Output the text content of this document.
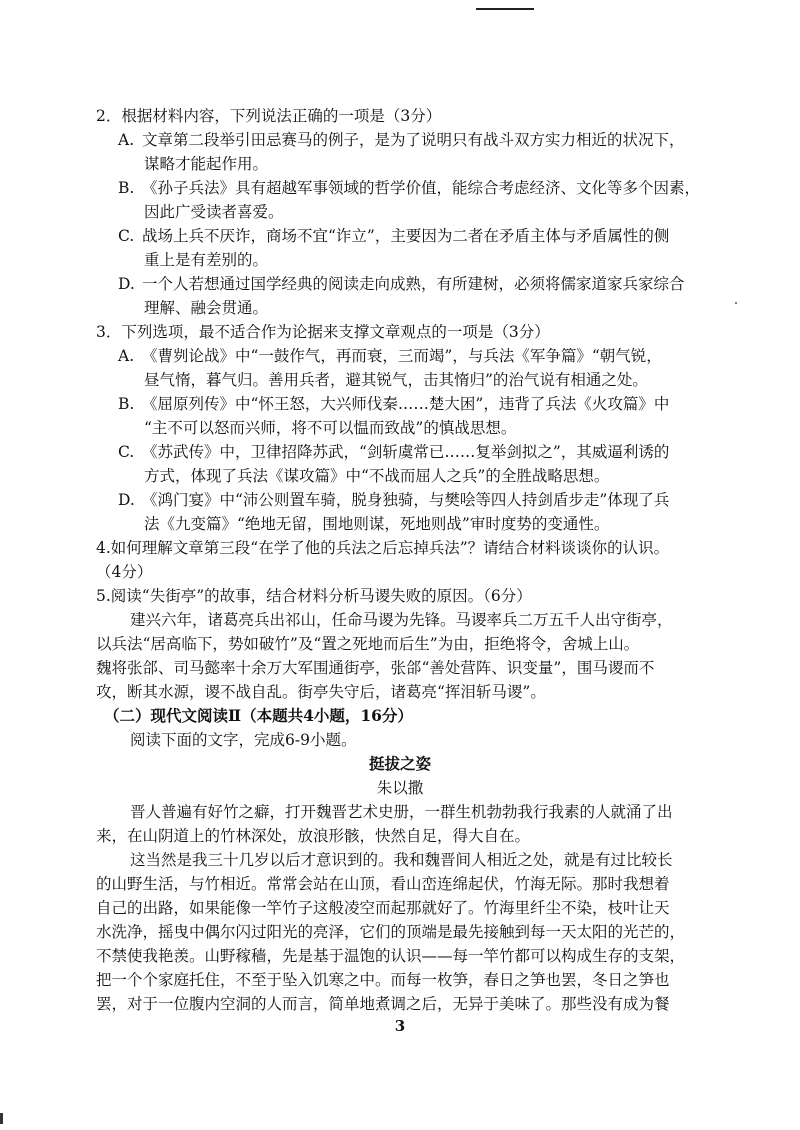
2．根据材料内容，下列说法正确的一项是（3分）

A. 文章第二段举引田忌赛马的例子，是为了说明只有战斗双方实力相近的状况下，

谋略才能起作用。

B. 《孙子兵法》具有超越军事领域的哲学价值，能综合考虑经济、文化等多个因素，

因此广受读者喜爱。

C. 战场上兵不厌诈，商场不宜“诈立”，主要因为二者在矛盾主体与矛盾属性的侧

重上是有差别的。

D. 一个人若想通过国学经典的阅读走向成熟，有所建树，必须将儒家道家兵家综合

理解、融会贯通。

3．下列选项，最不适合作为论据来支撑文章观点的一项是（3分）

A. 《曹刿论战》中“一鼓作气，再而衰，三而竭”，与兵法《军争篇》“朝气锐，

昼气惰，暮气归。善用兵者，避其锐气，击其惰归”的治气说有相通之处。

B. 《屈原列传》中“怀王怒，大兴师伐秦……楚大困”，违背了兵法《火攻篇》中

“主不可以怒而兴师，将不可以愠而致战”的慎战思想。

C. 《苏武传》中，卫律招降苏武，“剑斩虞常已……复举剑拟之”，其威逼利诱的

方式，体现了兵法《谋攻篇》中“不战而屈人之兵”的全胜战略思想。

D. 《鸿门宴》中“沛公则置车骑，脱身独骑，与樊哙等四人持剑盾步走”体现了兵

法《九变篇》“绝地无留，围地则谋，死地则战”审时度势的变通性。

4.如何理解文章第三段“在学了他的兵法之后忘掉兵法”？请结合材料谈谈你的认识。

（4分）

5.阅读“失街亭”的故事，结合材料分析马谡失败的原因。（6分）

建兴六年，诸葛亮兵出祁山，任命马谡为先锋。马谡率兵二万五千人出守街亭，

以兵法“居高临下，势如破竹”及“置之死地而后生”为由，拒绝将令，舍城上山。

魏将张郃、司马懿率十余万大军围通街亭，张郃“善处营阵、识变量”，围马谡而不

攻，断其水源，谡不战自乱。街亭失守后，诸葛亮“挥泪斩马谡”。

（二）现代文阅读Ⅱ（本题共4小题，16分）

阅读下面的文字，完成6-9小题。

挺拔之姿

朱以撒

晋人普遍有好竹之癖，打开魏晋艺术史册，一群生机勃勃我行我素的人就涌了出

来，在山阴道上的竹林深处，放浪形骸，快然自足，得大自在。

这当然是我三十几岁以后才意识到的。我和魏晋间人相近之处，就是有过比较长

的山野生活，与竹相近。常常会站在山顶，看山峦连绵起伏，竹海无际。那时我想着

自己的出路，如果能像一竿竹子这般凌空而起那就好了。竹海里纤尘不染，枝叶让天

水洗净，摇曳中偶尔闪过阳光的亮泽，它们的顶端是最先接触到每一天太阳的光芒的，

不禁使我艳羡。山野稼穑，先是基于温饱的认识——每一竿竹都可以构成生存的支架，

把一个个家庭托住，不至于坠入饥寒之中。而每一枚笋，春日之笋也罢，冬日之笋也

罢，对于一位腹内空洞的人而言，简单地煮调之后，无异于美味了。那些没有成为餐

3
